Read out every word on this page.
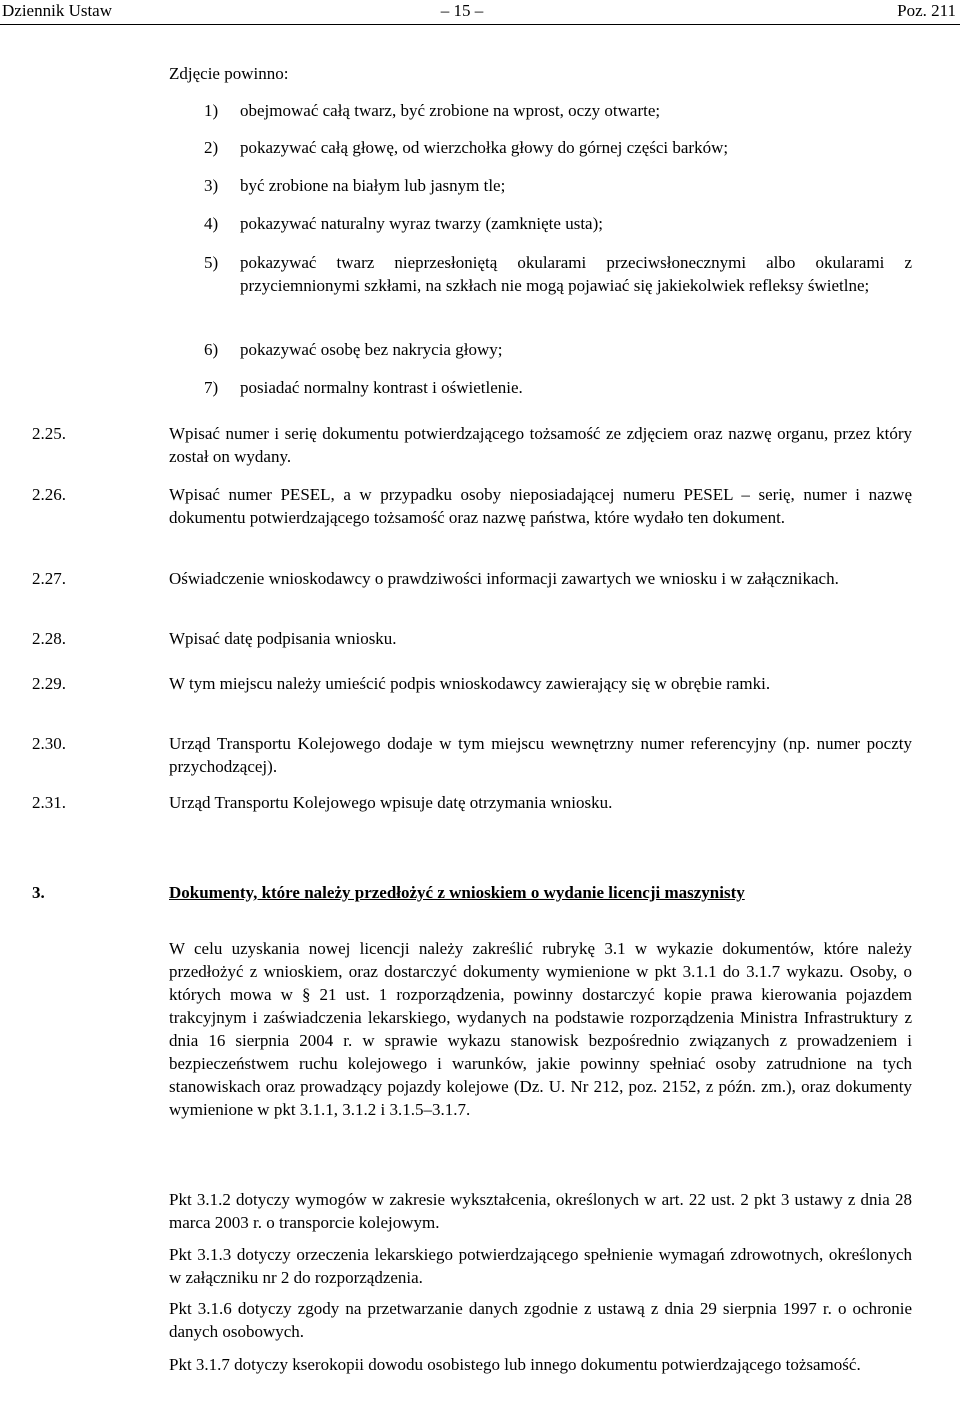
Dziennik Ustaw	– 15 –	Poz. 211
Zdjęcie powinno:
1)	obejmować całą twarz, być zrobione na wprost, oczy otwarte;
2)	pokazywać całą głowę, od wierzchołka głowy do górnej części barków;
3)	być zrobione na białym lub jasnym tle;
4)	pokazywać naturalny wyraz twarzy (zamknięte usta);
5)	pokazywać twarz nieprzesłoniętą okularami przeciwsłonecznymi albo okularami z przyciemnionymi szkłami, na szkłach nie mogą pojawiać się jakiekolwiek refleksy świetlne;
6)	pokazywać osobę bez nakrycia głowy;
7)	posiadać normalny kontrast i oświetlenie.
2.25.	Wpisać numer i serię dokumentu potwierdzającego tożsamość ze zdjęciem oraz nazwę organu, przez który został on wydany.
2.26.	Wpisać numer PESEL, a w przypadku osoby nieposiadającej numeru PESEL – serię, numer i nazwę dokumentu potwierdzającego tożsamość oraz nazwę państwa, które wydało ten dokument.
2.27.	Oświadczenie wnioskodawcy o prawdziwości informacji zawartych we wniosku i w załącznikach.
2.28.	Wpisać datę podpisania wniosku.
2.29.	W tym miejscu należy umieścić podpis wnioskodawcy zawierający się w obrębie ramki.
2.30.	Urząd Transportu Kolejowego dodaje w tym miejscu wewnętrzny numer referencyjny (np. numer poczty przychodzącej).
2.31.	Urząd Transportu Kolejowego wpisuje datę otrzymania wniosku.
3.	Dokumenty, które należy przedłożyć z wnioskiem o wydanie licencji maszynisty
W celu uzyskania nowej licencji należy zakreślić rubrykę 3.1 w wykazie dokumentów, które należy przedłożyć z wnioskiem, oraz dostarczyć dokumenty wymienione w pkt 3.1.1 do 3.1.7 wykazu. Osoby, o których mowa w § 21 ust. 1 rozporządzenia, powinny dostarczyć kopie prawa kierowania pojazdem trakcyjnym i zaświadczenia lekarskiego, wydanych na podstawie rozporządzenia Ministra Infrastruktury z dnia 16 sierpnia 2004 r. w sprawie wykazu stanowisk bezpośrednio związanych z prowadzeniem i bezpieczeństwem ruchu kolejowego i warunków, jakie powinny spełniać osoby zatrudnione na tych stanowiskach oraz prowadzący pojazdy kolejowe (Dz. U. Nr 212, poz. 2152, z późn. zm.), oraz dokumenty wymienione w pkt 3.1.1, 3.1.2 i 3.1.5–3.1.7.
Pkt 3.1.2 dotyczy wymogów w zakresie wykształcenia, określonych w art. 22 ust. 2 pkt 3 ustawy z dnia 28 marca 2003 r. o transporcie kolejowym.
Pkt 3.1.3 dotyczy orzeczenia lekarskiego potwierdzającego spełnienie wymagań zdrowotnych, określonych w załączniku nr 2 do rozporządzenia.
Pkt 3.1.6 dotyczy zgody na przetwarzanie danych zgodnie z ustawą z dnia 29 sierpnia 1997 r. o ochronie danych osobowych.
Pkt 3.1.7 dotyczy kserokopii dowodu osobistego lub innego dokumentu potwierdzającego tożsamość.
